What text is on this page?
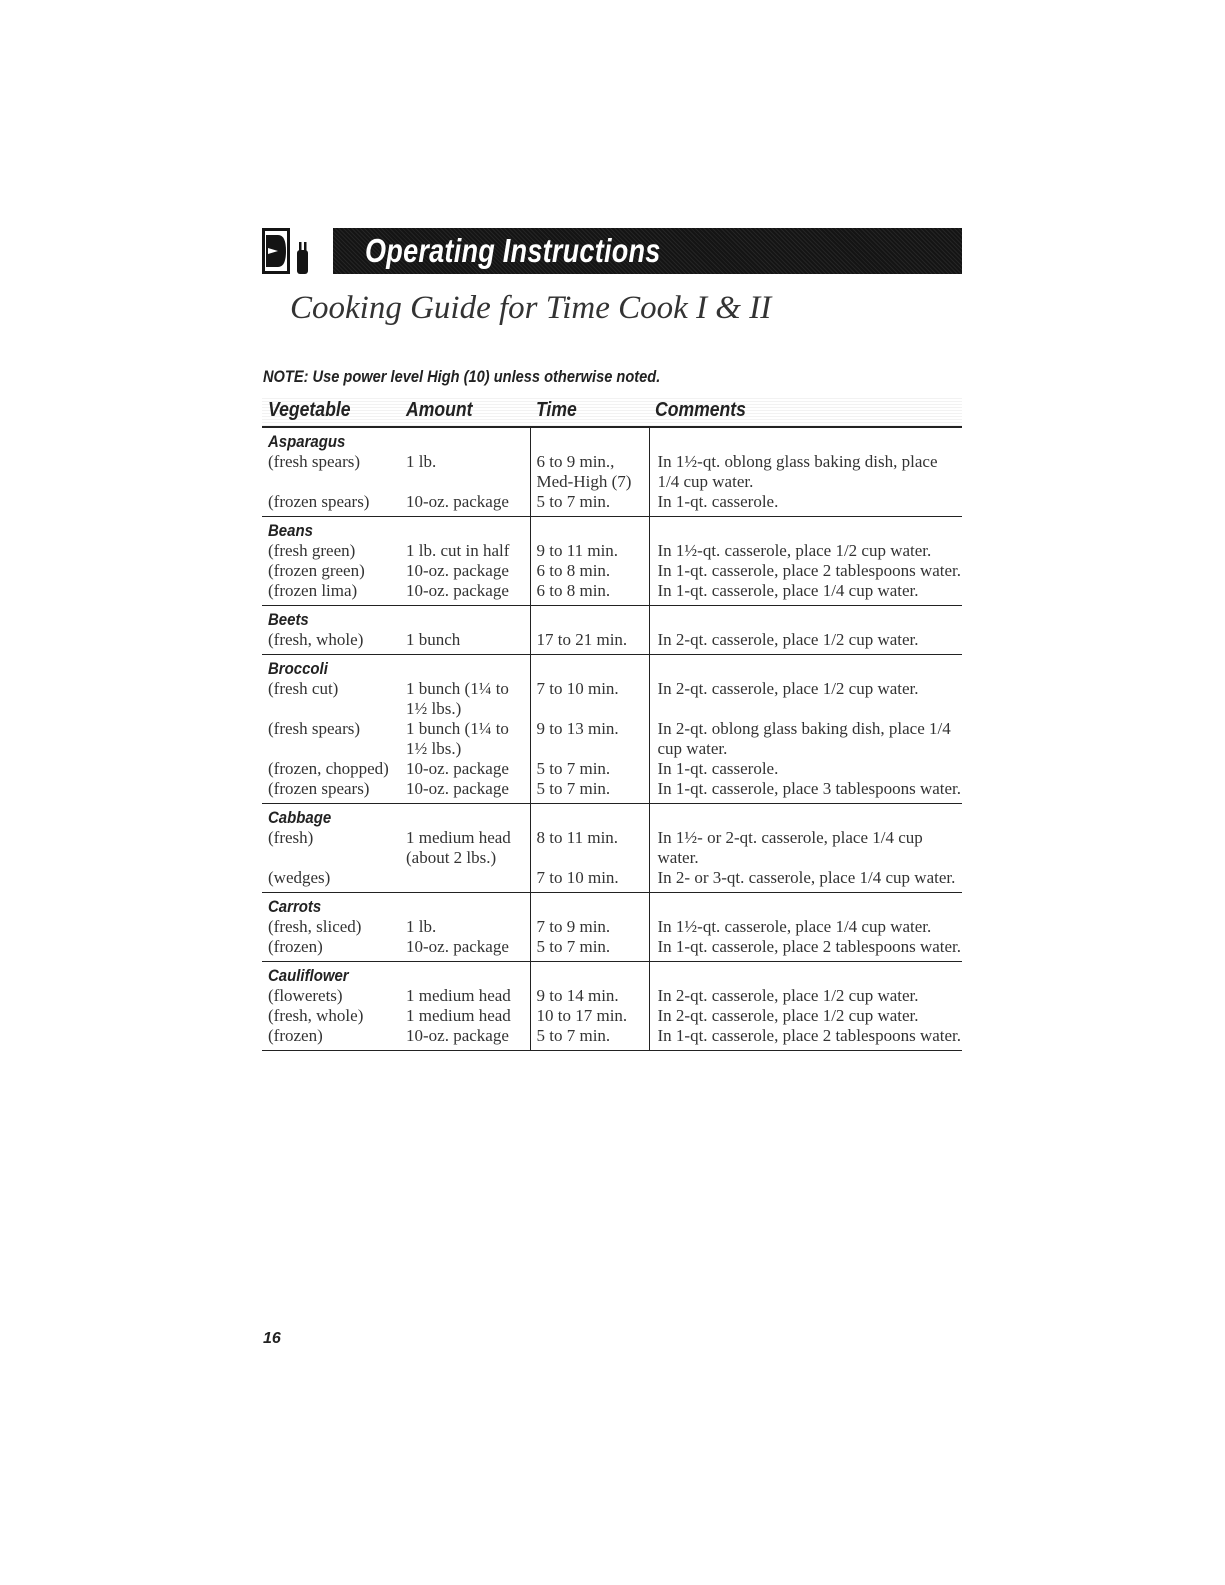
Operating Instructions
Cooking Guide for Time Cook I & II
NOTE: Use power level High (10) unless otherwise noted.
Vegetable	Amount	Time	Comments
Asparagus			
(fresh spears)	1 lb.	6 to 9 min., Med-High (7)	In 1½-qt. oblong glass baking dish, place 1/4 cup water.
(frozen spears)	10-oz. package	5 to 7 min.	In 1-qt. casserole.
Beans			
(fresh green)	1 lb. cut in half	9 to 11 min.	In 1½-qt. casserole, place 1/2 cup water.
(frozen green)	10-oz. package	6 to 8 min.	In 1-qt. casserole, place 2 tablespoons water.
(frozen lima)	10-oz. package	6 to 8 min.	In 1-qt. casserole, place 1/4 cup water.
Beets			
(fresh, whole)	1 bunch	17 to 21 min.	In 2-qt. casserole, place 1/2 cup water.
Broccoli			
(fresh cut)	1 bunch (1¼ to 1½ lbs.)	7 to 10 min.	In 2-qt. casserole, place 1/2 cup water.
(fresh spears)	1 bunch (1¼ to 1½ lbs.)	9 to 13 min.	In 2-qt. oblong glass baking dish, place 1/4 cup water.
(frozen, chopped)	10-oz. package	5 to 7 min.	In 1-qt. casserole.
(frozen spears)	10-oz. package	5 to 7 min.	In 1-qt. casserole, place 3 tablespoons water.
Cabbage			
(fresh)	1 medium head (about 2 lbs.)	8 to 11 min.	In 1½- or 2-qt. casserole, place 1/4 cup water.
(wedges)		7 to 10 min.	In 2- or 3-qt. casserole, place 1/4 cup water.
Carrots			
(fresh, sliced)	1 lb.	7 to 9 min.	In 1½-qt. casserole, place 1/4 cup water.
(frozen)	10-oz. package	5 to 7 min.	In 1-qt. casserole, place 2 tablespoons water.
Cauliflower			
(flowerets)	1 medium head	9 to 14 min.	In 2-qt. casserole, place 1/2 cup water.
(fresh, whole)	1 medium head	10 to 17 min.	In 2-qt. casserole, place 1/2 cup water.
(frozen)	10-oz. package	5 to 7 min.	In 1-qt. casserole, place 2 tablespoons water.
16
